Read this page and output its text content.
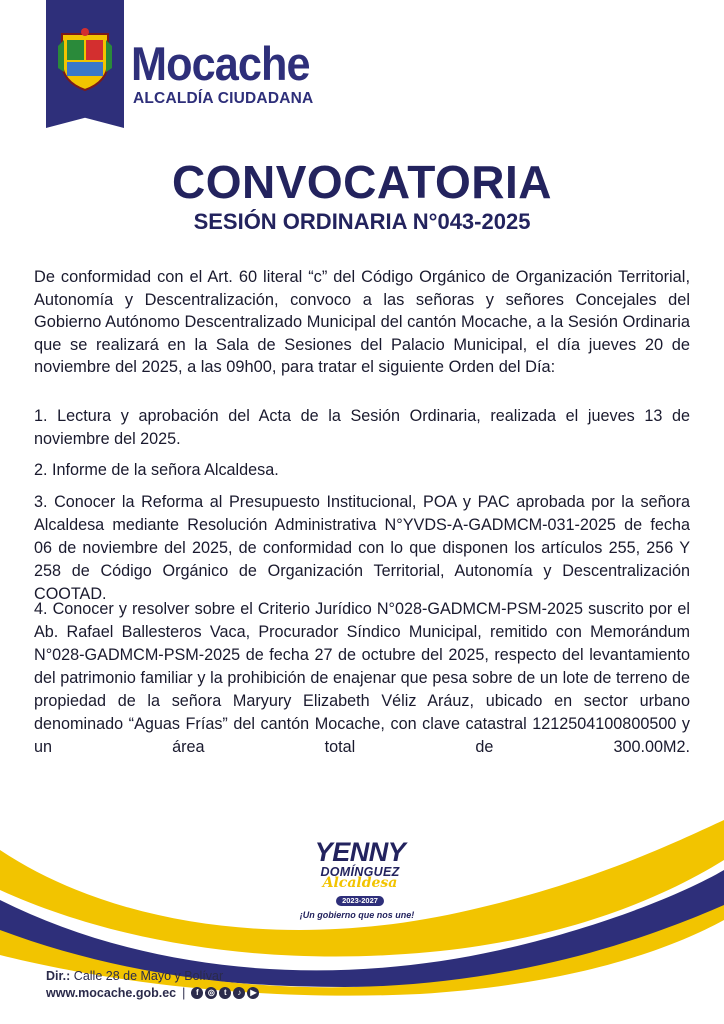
Mocache
ALCALDÍA CIUDADANA
CONVOCATORIA
SESIÓN ORDINARIA N°043-2025
De conformidad con el Art. 60 literal “c” del Código Orgánico de Organización Territorial, Autonomía y Descentralización, convoco a las señoras y señores Concejales del Gobierno Autónomo Descentralizado Municipal del cantón Mocache, a la Sesión Ordinaria que se realizará en la Sala de Sesiones del Palacio Municipal, el día jueves 20 de noviembre del 2025, a las 09h00, para tratar el siguiente Orden del Día:
1. Lectura y aprobación del Acta de la Sesión Ordinaria, realizada el jueves 13 de noviembre del 2025.
2. Informe de la señora Alcaldesa.
3. Conocer la Reforma al Presupuesto Institucional, POA y PAC aprobada por la señora Alcaldesa mediante Resolución Administrativa N°YVDS-A-GADMCM-031-2025 de fecha 06 de noviembre del 2025, de conformidad con lo que disponen los artículos 255, 256 Y 258 de Código Orgánico de Organización Territorial, Autonomía y Descentralización COOTAD.
4. Conocer y resolver sobre el Criterio Jurídico N°028-GADMCM-PSM-2025 suscrito por el Ab. Rafael Ballesteros Vaca, Procurador Síndico Municipal, remitido con Memorándum N°028-GADMCM-PSM-2025 de fecha 27 de octubre del 2025, respecto del levantamiento del patrimonio familiar y la prohibición de enajenar que pesa sobre de un lote de terreno de propiedad de la señora Maryury Elizabeth Véliz Aráuz, ubicado en sector urbano denominado “Aguas Frías” del cantón Mocache, con clave catastral 1212504100800500 y un área total de 300.00M2.
YENNY
DOMÍNGUEZ
Alcaldesa
2023-2027
¡Un gobierno que nos une!
Dir.: Calle 28 de Mayo y Bolívar
www.mocache.gob.ec |	f	◎	t	♪	▶
